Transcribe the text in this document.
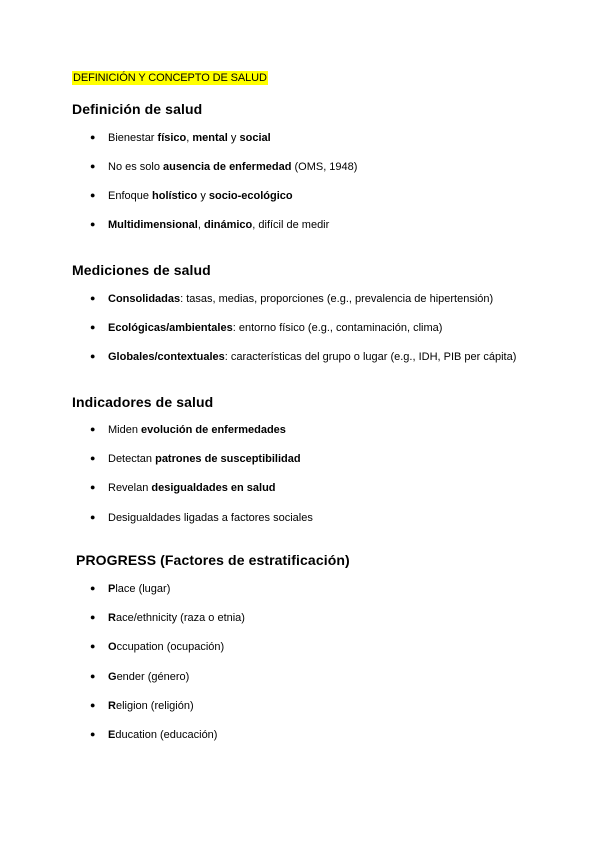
DEFINICIÓN Y CONCEPTO DE SALUD
Definición de salud
● Bienestar físico, mental y social
● No es solo ausencia de enfermedad (OMS, 1948)
● Enfoque holístico y socio-ecológico
● Multidimensional, dinámico, difícil de medir
Mediciones de salud
● Consolidadas: tasas, medias, proporciones (e.g., prevalencia de hipertensión)
● Ecológicas/ambientales: entorno físico (e.g., contaminación, clima)
● Globales/contextuales: características del grupo o lugar (e.g., IDH, PIB per cápita)
Indicadores de salud
● Miden evolución de enfermedades
● Detectan patrones de susceptibilidad
● Revelan desigualdades en salud
● Desigualdades ligadas a factores sociales
PROGRESS (Factores de estratificación)
● Place (lugar)
● Race/ethnicity (raza o etnia)
● Occupation (ocupación)
● Gender (género)
● Religion (religión)
● Education (educación)
